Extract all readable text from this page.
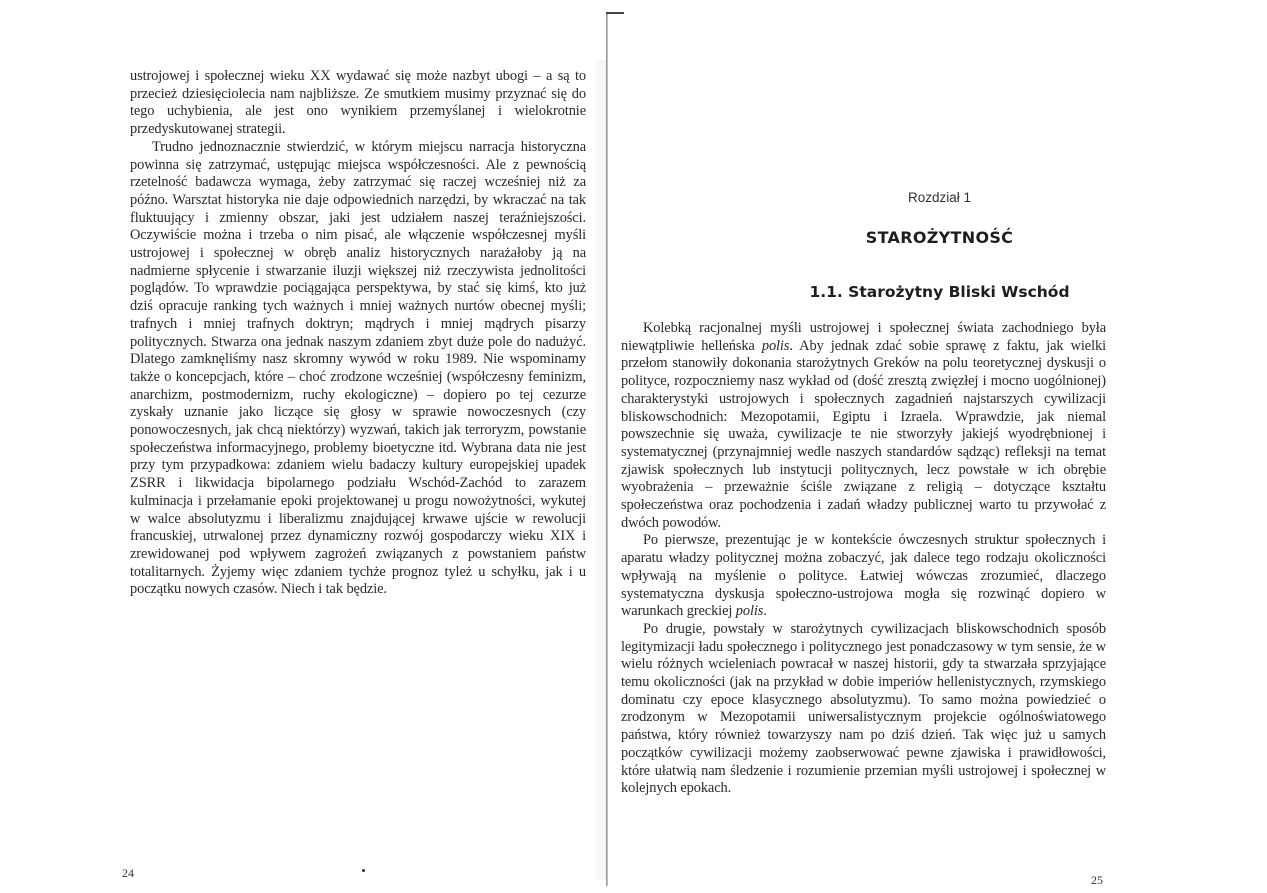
ustrojowej i społecznej wieku XX wydawać się może nazbyt ubogi – a są to przecież dziesięciolecia nam najbliższe. Ze smutkiem musimy przyznać się do tego uchybienia, ale jest ono wynikiem przemyślanej i wielokrotnie przedyskutowanej strategii.

Trudno jednoznacznie stwierdzić, w którym miejscu narracja historyczna powinna się zatrzymać, ustępując miejsca współczesności. Ale z pewnością rzetelność badawcza wymaga, żeby zatrzymać się raczej wcześniej niż za późno. Warsztat historyka nie daje odpowiednich narzędzi, by wkraczać na tak fluktuujący i zmienny obszar, jaki jest udziałem naszej teraźniejszości. Oczywiście można i trzeba o nim pisać, ale włączenie współczesnej myśli ustrojowej i społecznej w obręb analiz historycznych narażałoby ją na nadmierne spłycenie i stwarzanie iluzji większej niż rzeczywista jednolitości poglądów. To wprawdzie pociągająca perspektywa, by stać się kimś, kto już dziś opracuje ranking tych ważnych i mniej ważnych nurtów obecnej myśli; trafnych i mniej trafnych doktryn; mądrych i mniej mądrych pisarzy politycznych. Stwarza ona jednak naszym zdaniem zbyt duże pole do nadużyć. Dlatego zamknęliśmy nasz skromny wywód w roku 1989. Nie wspominamy także o koncepcjach, które – choć zrodzone wcześniej (współczesny feminizm, anarchizm, postmodernizm, ruchy ekologiczne) – dopiero po tej cezurze zyskały uznanie jako liczące się głosy w sprawie nowoczesnych (czy ponowoczesnych, jak chcą niektórzy) wyzwań, takich jak terroryzm, powstanie społeczeństwa informacyjnego, problemy bioetyczne itd. Wybrana data nie jest przy tym przypadkowa: zdaniem wielu badaczy kultury europejskiej upadek ZSRR i likwidacja bipolarnego podziału Wschód-Zachód to zarazem kulminacja i przełamanie epoki projektowanej u progu nowożytności, wykutej w walce absolutyzmu i liberalizmu znajdującej krwawe ujście w rewolucji francuskiej, utrwalonej przez dynamiczny rozwój gospodarczy wieku XIX i zrewidowanej pod wpływem zagrożeń związanych z powstaniem państw totalitarnych. Żyjemy więc zdaniem tychże prognoz tyleż u schyłku, jak i u początku nowych czasów. Niech i tak będzie.

24
Rozdział 1
STAROŻYTNOŚĆ
1.1. Starożytny Bliski Wschód

Kolebką racjonalnej myśli ustrojowej i społecznej świata zachodniego była niewątpliwie helleńska polis. Aby jednak zdać sobie sprawę z faktu, jak wielki przełom stanowiły dokonania starożytnych Greków na polu teoretycznej dyskusji o polityce, rozpoczniemy nasz wykład od (dość zresztą zwięzłej i mocno uogólnionej) charakterystyki ustrojowych i społecznych zagadnień najstarszych cywilizacji bliskowschodnich: Mezopotamii, Egiptu i Izraela. Wprawdzie, jak niemal powszechnie się uważa, cywilizacje te nie stworzyły jakiejś wyodrębnionej i systematycznej (przynajmniej wedle naszych standardów sądząc) refleksji na temat zjawisk społecznych lub instytucji politycznych, lecz powstałe w ich obrębie wyobrażenia – przeważnie ściśle związane z religią – dotyczące kształtu społeczeństwa oraz pochodzenia i zadań władzy publicznej warto tu przywołać z dwóch powodów.

Po pierwsze, prezentując je w kontekście ówczesnych struktur społecznych i aparatu władzy politycznej można zobaczyć, jak dalece tego rodzaju okoliczności wpływają na myślenie o polityce. Łatwiej wówczas zrozumieć, dlaczego systematyczna dyskusja społeczno-ustrojowa mogła się rozwinąć dopiero w warunkach greckiej polis.

Po drugie, powstały w starożytnych cywilizacjach bliskowschodnich sposób legitymizacji ładu społecznego i politycznego jest ponadczasowy w tym sensie, że w wielu różnych wcieleniach powracał w naszej historii, gdy ta stwarzała sprzyjające temu okoliczności (jak na przykład w dobie imperiów hellenistycznych, rzymskiego dominatu czy epoce klasycznego absolutyzmu). To samo można powiedzieć o zrodzonym w Mezopotamii uniwersalistycznym projekcie ogólnoświatowego państwa, który również towarzyszy nam po dziś dzień. Tak więc już u samych początków cywilizacji możemy zaobserwować pewne zjawiska i prawidłowości, które ułatwią nam śledzenie i rozumienie przemian myśli ustrojowej i społecznej w kolejnych epokach.

25
